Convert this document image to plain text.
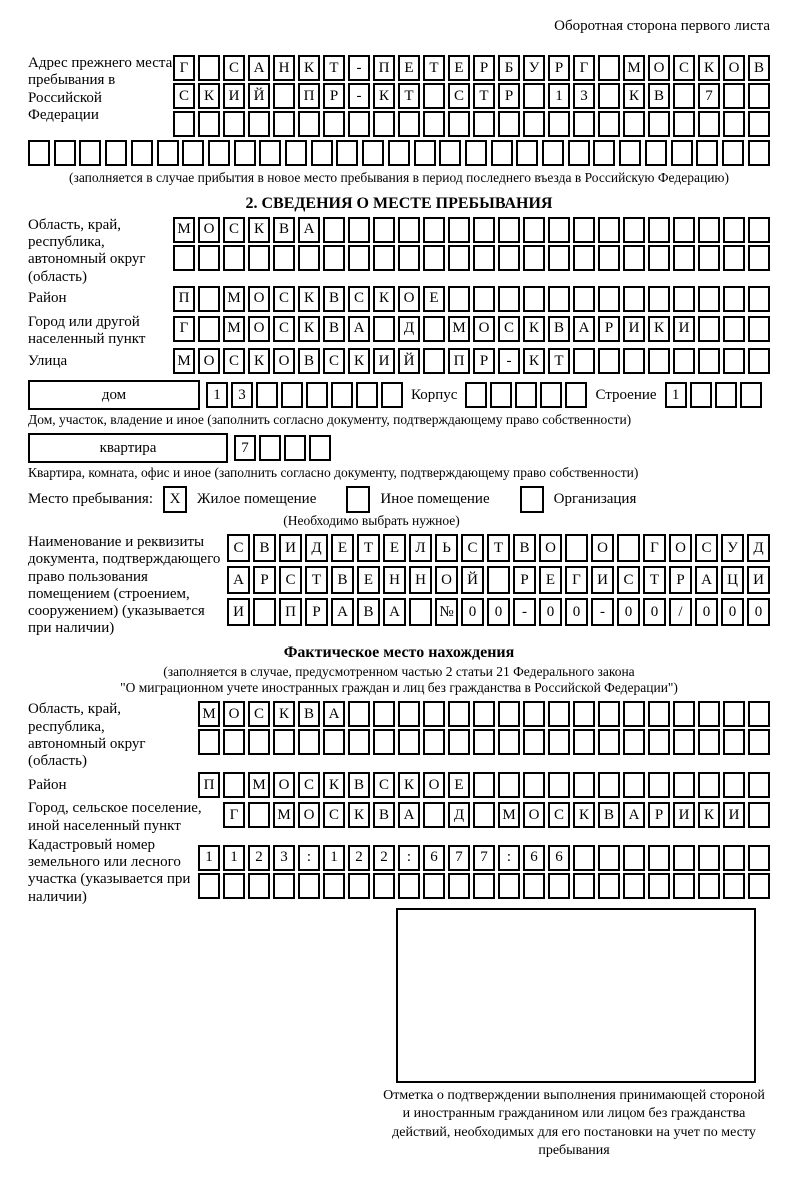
Оборотная сторона первого листа
Адрес прежнего места пребывания в Российской Федерации
Г	С А Н К	Т	-	П Е	Т	Е	Р	Б	У	Р	Г	М О С К О В
С К И Й	П	Р	-	К	Т	С	Т	Р	1	3	К В	7
(заполняется в случае прибытия в новое место пребывания в период последнего въезда в Российскую Федерацию)
2. СВЕДЕНИЯ О МЕСТЕ ПРЕБЫВАНИЯ
Область, край, республика, автономный округ (область)
М О С К В А
Район	П	М О С К В С К О Е
Город или другой населенный пункт
Г	М О С К В А	Д	М О С К В А	Р	И К И
Улица	М О С К О В С К И Й	П	Р	-	К	Т
дом	1	3	Корпус	Строение	1
Дом, участок, владение и иное (заполнить согласно документу, подтверждающему право собственности)
квартира	7
Квартира, комната, офис и иное (заполнить согласно документу, подтверждающему право собственности)
Место пребывания:	X	Жилое помещение	Иное помещение	Организация
(Необходимо выбрать нужное)
Наименование и реквизиты документа, подтверждающего право пользования помещением (строением, сооружением) (указывается при наличии)
С	В	И	Д	Е	Т	Е	Л	Ь	С	Т	В	О	О	Г	О	С	У	Д
А	Р	С	Т	В	Е	Н	Н	О	Й	Р	Е	Г	И	С	Т	Р	А	Ц	И
И	П	Р	А	В	А	№	0	0	-	0	0	-	0	0	/	0	0	0
Фактическое место нахождения
(заполняется в случае, предусмотренном частью 2 статьи 21 Федерального закона
"О миграционном учете иностранных граждан и лиц без гражданства в Российской Федерации")
Область, край, республика, автономный округ (область)
М О С К В А
Район	П	М О С К В С К О Е
Город, сельское поселение, иной населенный пункт
Г	М О С К В А	Д	М О С К В А	Р	И К И
Кадастровый номер земельного или лесного участка (указывается при наличии)
1	1	2	3	:	1	2	2	:	6	7	7	:	6	6
Отметка о подтверждении выполнения принимающей стороной и иностранным гражданином или лицом без гражданства действий, необходимых для его постановки на учет по месту пребывания
